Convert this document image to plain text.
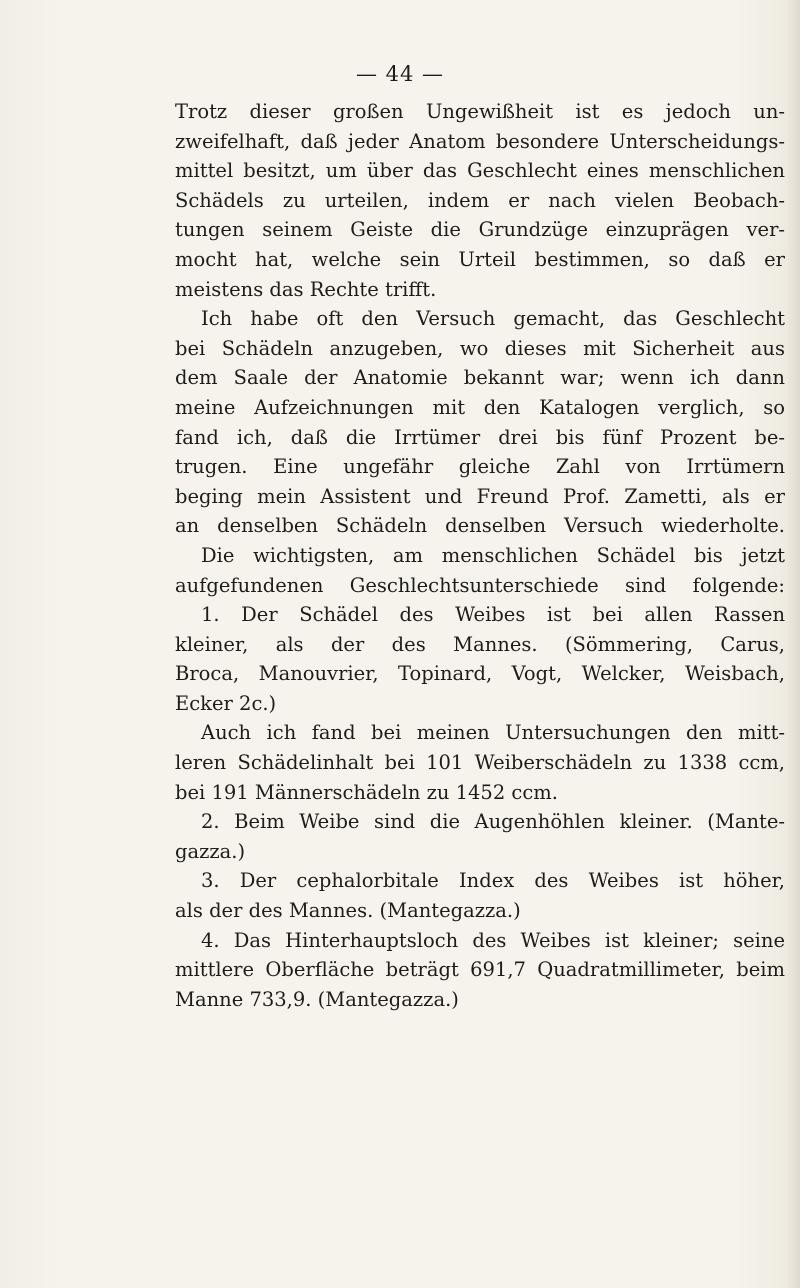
— 44 —
Trotz dieser großen Ungewißheit ist es jedoch un-
zweifelhaft, daß jeder Anatom besondere Unterscheidungs-
mittel besitzt, um über das Geschlecht eines menschlichen
Schädels zu urteilen, indem er nach vielen Beobach-
tungen seinem Geiste die Grundzüge einzuprägen ver-
mocht hat, welche sein Urteil bestimmen, so daß er
meistens das Rechte trifft.
Ich habe oft den Versuch gemacht, das Geschlecht
bei Schädeln anzugeben, wo dieses mit Sicherheit aus
dem Saale der Anatomie bekannt war; wenn ich dann
meine Aufzeichnungen mit den Katalogen verglich, so
fand ich, daß die Irrtümer drei bis fünf Prozent be-
trugen. Eine ungefähr gleiche Zahl von Irrtümern
beging mein Assistent und Freund Prof. Zametti, als er
an denselben Schädeln denselben Versuch wiederholte.
Die wichtigsten, am menschlichen Schädel bis jetzt
aufgefundenen Geschlechtsunterschiede sind folgende:
1. Der Schädel des Weibes ist bei allen Rassen
kleiner, als der des Mannes. (Sömmering, Carus,
Broca, Manouvrier, Topinard, Vogt, Welcker, Weisbach,
Ecker 2c.)
Auch ich fand bei meinen Untersuchungen den mitt-
leren Schädelinhalt bei 101 Weiberschädeln zu 1338 ccm,
bei 191 Männerschädeln zu 1452 ccm.
2. Beim Weibe sind die Augenhöhlen kleiner. (Mante-
gazza.)
3. Der cephalorbitale Index des Weibes ist höher,
als der des Mannes. (Mantegazza.)
4. Das Hinterhauptsloch des Weibes ist kleiner; seine
mittlere Oberfläche beträgt 691,7 Quadratmillimeter, beim
Manne 733,9. (Mantegazza.)
